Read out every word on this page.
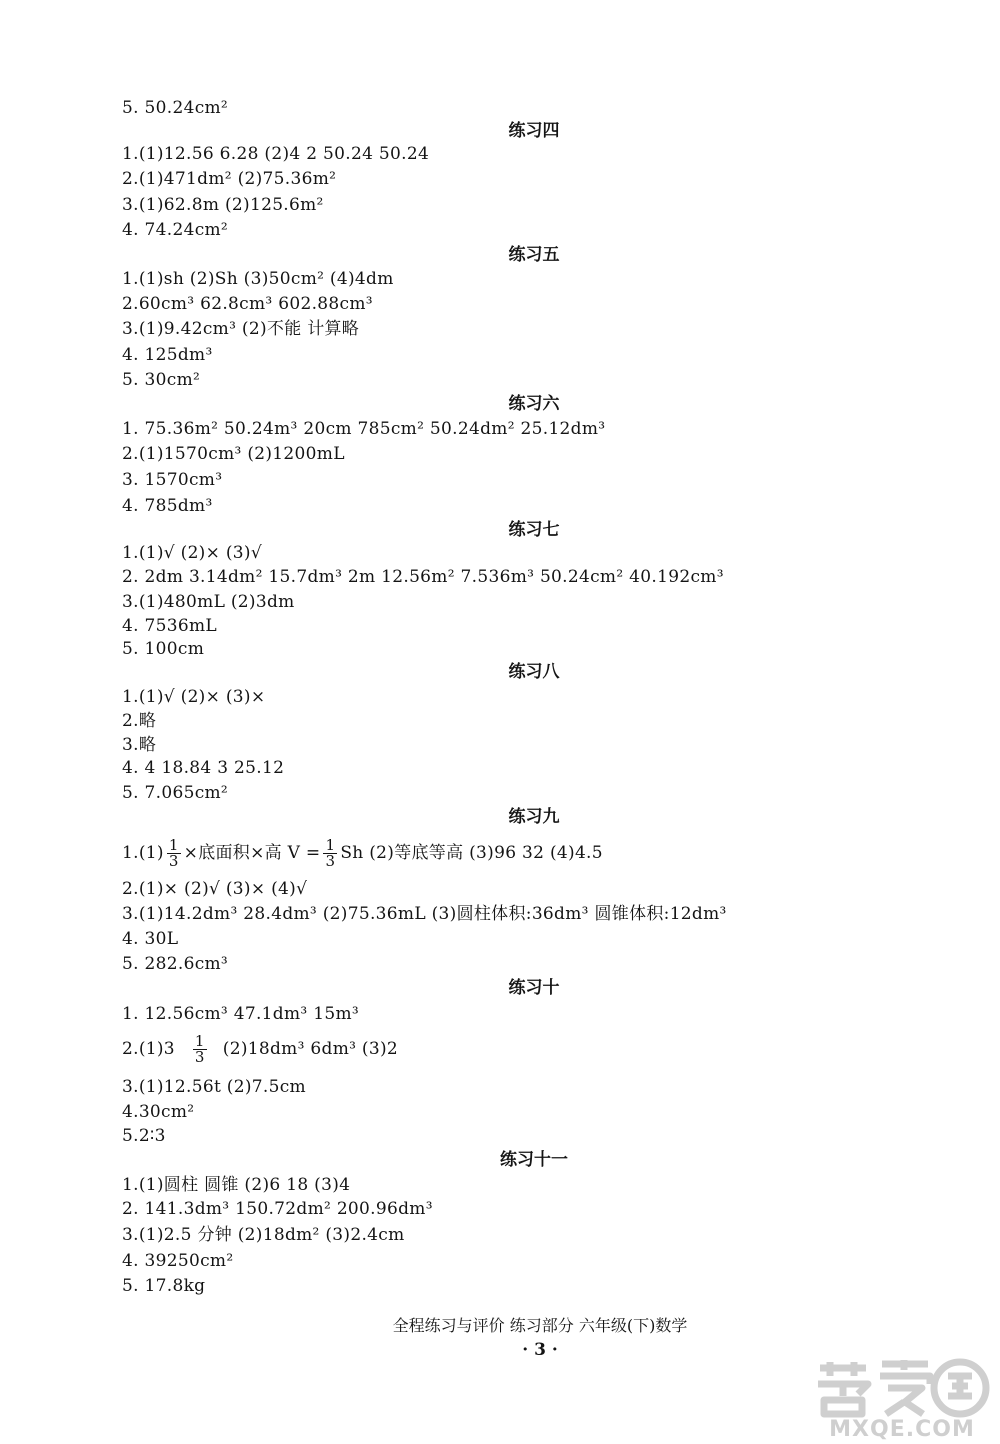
5. 50.24cm²
练习四
1.(1)12.56 6.28 (2)4 2 50.24 50.24
2.(1)471dm² (2)75.36m²
3.(1)62.8m (2)125.6m²
4. 74.24cm²
练习五
1.(1)sh (2)Sh (3)50cm² (4)4dm
2.60cm³ 62.8cm³ 602.88cm³
3.(1)9.42cm³ (2)不能 计算略
4. 125dm³
5. 30cm²
练习六
1. 75.36m² 50.24m³ 20cm 785cm² 50.24dm² 25.12dm³
2.(1)1570cm³ (2)1200mL
3. 1570cm³
4. 785dm³
练习七
1.(1)√ (2)× (3)√
2. 2dm 3.14dm² 15.7dm³ 2m 12.56m² 7.536m³ 50.24cm² 40.192cm³
3.(1)480mL (2)3dm
4. 7536mL
5. 100cm
练习八
1.(1)√ (2)× (3)×
2.略
3.略
4. 4 18.84 3 25.12
5. 7.065cm²
练习九
$1.(1) \frac{1}{3}$ ×底面积×高 $V = \frac{1}{3}$ Sh (2)等底等高 (3)96 32 (4)4.5
2.(1)× (2)√ (3)× (4)√
3.(1)14.2dm³ 28.4dm³ (2)75.36mL (3)圆柱体积:36dm³ 圆锥体积:12dm³
4. 30L
5. 282.6cm³
练习十
1. 12.56cm³ 47.1dm³ 15m³
$2.(1)3 \frac{1}{3} (2)18dm^3$ 6dm³ (3)2
3.(1)12.56t (2)7.5cm
4.30cm²
5.2∶3
练习十一
1.(1)圆柱 圆锥 (2)6 18 (3)4
2. 141.3dm³ 150.72dm² 200.96dm³
3.(1)2.5 分钟 (2)18dm² (3)2.4cm
4. 39250cm²
5. 17.8kg
全程练习与评价 练习部分 六年级(下)数学
· 3 ·
MXQE.COM
